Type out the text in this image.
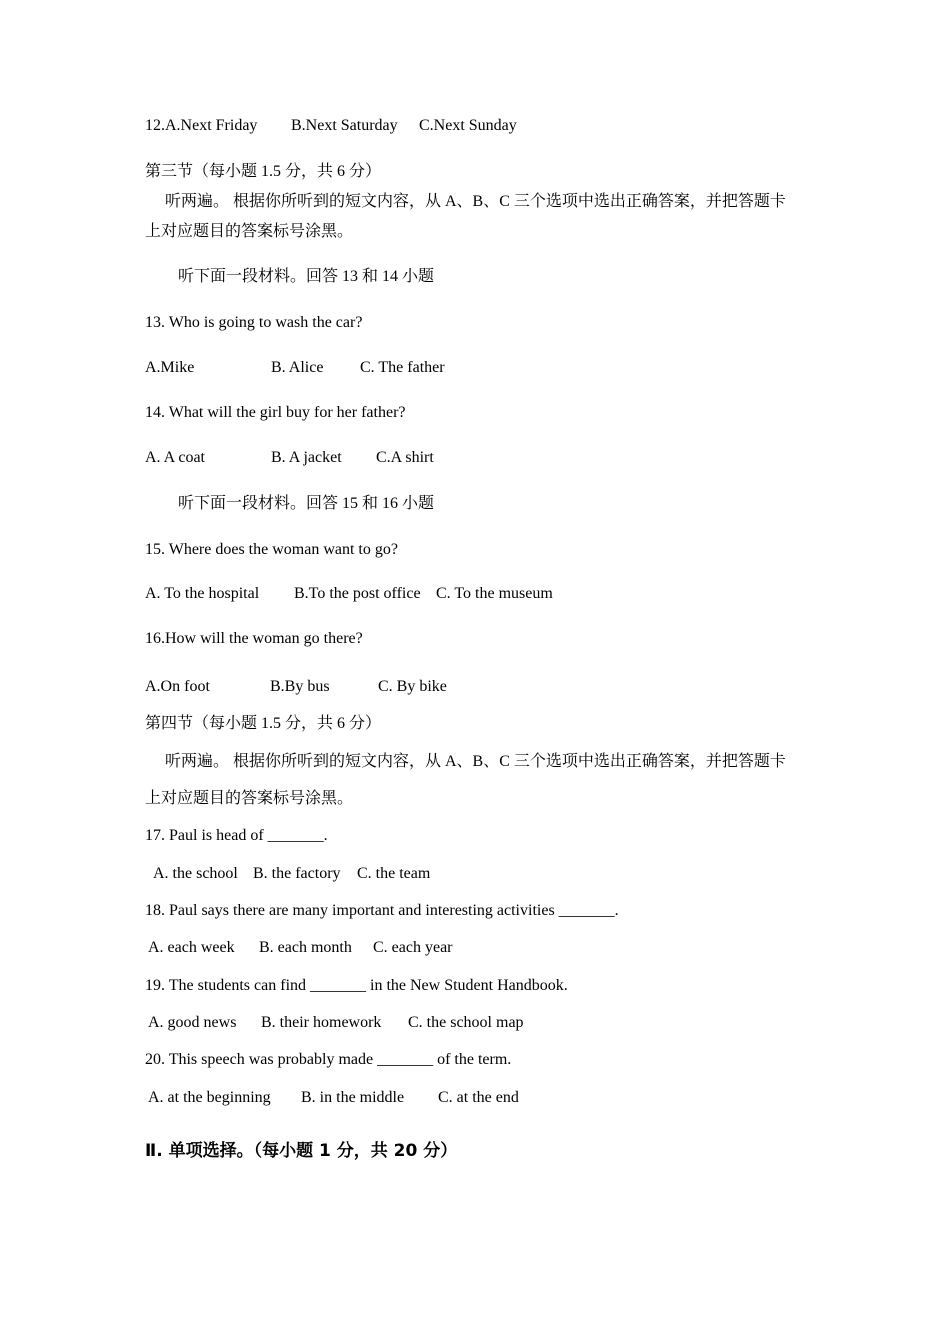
12.A.Next Friday B.Next Saturday C.Next Sunday
第三节（每小题 1.5 分，共 6 分）
听两遍。 根据你所听到的短文内容，从 A、B、C 三个选项中选出正确答案，并把答题卡
上对应题目的答案标号涂黑。
听下面一段材料。回答 13 和 14 小题
13. Who is going to wash the car?
A.Mike	B. Alice C. The father
14. What will the girl buy for her father?
A. A coat	B. A jacket C.A shirt
听下面一段材料。回答 15 和 16 小题
15. Where does the woman want to go?
A. To the hospital B.To the post office C. To the museum
16.How will the woman go there?
A.On foot	B.By bus	C. By bike
第四节（每小题 1.5 分，共 6 分）
听两遍。 根据你所听到的短文内容，从 A、B、C 三个选项中选出正确答案，并把答题卡
上对应题目的答案标号涂黑。
17. Paul is head of _______.
A. the school B. the factory C. the team
18. Paul says there are many important and interesting activities _______.
A. each week B. each month C. each year
19. The students can find _______ in the New Student Handbook.
A. good news B. their homework C. the school map
20. This speech was probably made _______ of the term.
A. at the beginning B. in the middle C. at the end
Ⅱ. 单项选择。（每小题 1 分，共 20 分）
